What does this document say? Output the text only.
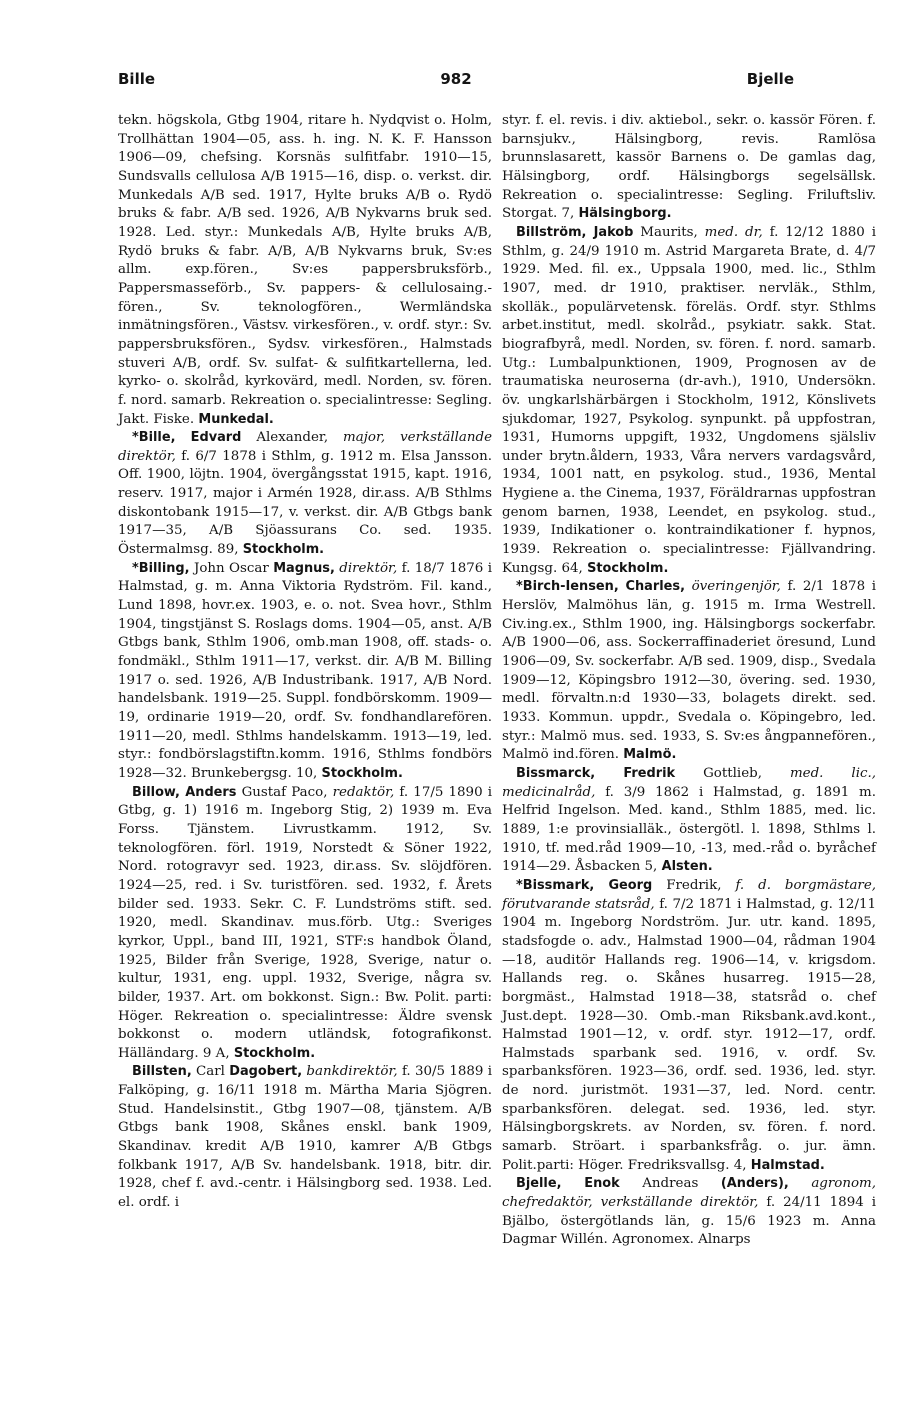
Bille	982	Bjelle

tekn. högskola, Gtbg 1904, ritare h. Nydqvist o. Holm, Trollhättan 1904—05, ass. h. ing. N. K. F. Hansson 1906—09, chefsing. Korsnäs sulfitfabr. 1910—15, Sundsvalls cellulosa A/B 1915—16, disp. o. verkst. dir. Munkedals A/B sed. 1917, Hylte bruks A/B o. Rydö bruks & fabr. A/B sed. 1926, A/B Nykvarns bruk sed. 1928. Led. styr.: Munkedals A/B, Hylte bruks A/B, Rydö bruks & fabr. A/B, A/B Nykvarns bruk, Sv:es allm. exp.fören., Sv:es pappersbruksförb., Pappersmasseförb., Sv. pappers- & cellulosaing.-fören., Sv. teknologfören., Wermländska inmätningsfören., Västsv. virkesfören., v. ordf. styr.: Sv. pappersbruksfören., Sydsv. virkesfören., Halmstads stuveri A/B, ordf. Sv. sulfat- & sulfitkartellerna, led. kyrko- o. skolråd, kyrkovärd, medl. Norden, sv. fören. f. nord. samarb. Rekreation o. specialintresse: Segling. Jakt. Fiske. Munkedal.

*Bille, Edvard Alexander, major, verkställande direktör, f. 6/7 1878 i Sthlm, g. 1912 m. Elsa Jansson. Off. 1900, löjtn. 1904, övergångsstat 1915, kapt. 1916, reserv. 1917, major i Armén 1928, dir.ass. A/B Sthlms diskontobank 1915—17, v. verkst. dir. A/B Gtbgs bank 1917—35, A/B Sjöassurans Co. sed. 1935. Östermalmsg. 89, Stockholm.

*Billing, John Oscar Magnus, direktör, f. 18/7 1876 i Halmstad, g. m. Anna Viktoria Rydström. Fil. kand., Lund 1898, hovr.ex. 1903, e. o. not. Svea hovr., Sthlm 1904, tingstjänst S. Roslags doms. 1904—05, anst. A/B Gtbgs bank, Sthlm 1906, omb.man 1908, off. stads- o. fondmäkl., Sthlm 1911—17, verkst. dir. A/B M. Billing 1917 o. sed. 1926, A/B Industribank. 1917, A/B Nord. handelsbank. 1919—25. Suppl. fondbörskomm. 1909—19, ordinarie 1919—20, ordf. Sv. fondhandlarefören. 1911—20, medl. Sthlms handelskamm. 1913—19, led. styr.: fondbörslagstiftn.komm. 1916, Sthlms fondbörs 1928—32. Brunkebergsg. 10, Stockholm.

Billow, Anders Gustaf Paco, redaktör, f. 17/5 1890 i Gtbg, g. 1) 1916 m. Ingeborg Stig, 2) 1939 m. Eva Forss. Tjänstem. Livrustkamm. 1912, Sv. teknologfören. förl. 1919, Norstedt & Söner 1922, Nord. rotogravyr sed. 1923, dir.ass. Sv. slöjdfören. 1924—25, red. i Sv. turistfören. sed. 1932, f. Årets bilder sed. 1933. Sekr. C. F. Lundströms stift. sed. 1920, medl. Skandinav. mus.förb. Utg.: Sveriges kyrkor, Uppl., band III, 1921, STF:s handbok Öland, 1925, Bilder från Sverige, 1928, Sverige, natur o. kultur, 1931, eng. uppl. 1932, Sverige, några sv. bilder, 1937. Art. om bokkonst. Sign.: Bw. Polit. parti: Höger. Rekreation o. specialintresse: Äldre svensk bokkonst o. modern utländsk, fotografikonst. Hälländarg. 9 A, Stockholm.

Billsten, Carl Dagobert, bankdirektör, f. 30/5 1889 i Falköping, g. 16/11 1918 m. Märtha Maria Sjögren. Stud. Handelsinstit., Gtbg 1907—08, tjänstem. A/B Gtbgs bank 1908, Skånes enskl. bank 1909, Skandinav. kredit A/B 1910, kamrer A/B Gtbgs folkbank 1917, A/B Sv. handelsbank. 1918, bitr. dir. 1928, chef f. avd.-centr. i Hälsingborg sed. 1938. Led. el. ordf. i

styr. f. el. revis. i div. aktiebol., sekr. o. kassör Fören. f. barnsjukv., Hälsingborg, revis. Ramlösa brunnslasarett, kassör Barnens o. De gamlas dag, Hälsingborg, ordf. Hälsingborgs segelsällsk. Rekreation o. specialintresse: Segling. Friluftsliv. Storgat. 7, Hälsingborg.

Billström, Jakob Maurits, med. dr, f. 12/12 1880 i Sthlm, g. 24/9 1910 m. Astrid Margareta Brate, d. 4/7 1929. Med. fil. ex., Uppsala 1900, med. lic., Sthlm 1907, med. dr 1910, praktiser. nervläk., Sthlm, skolläk., populärvetensk. föreläs. Ordf. styr. Sthlms arbet.institut, medl. skolråd., psykiatr. sakk. Stat. biografbyrå, medl. Norden, sv. fören. f. nord. samarb. Utg.: Lumbalpunktionen, 1909, Prognosen av de traumatiska neuroserna (dr-avh.), 1910, Undersökn. öv. ungkarlshärbärgen i Stockholm, 1912, Könslivets sjukdomar, 1927, Psykolog. synpunkt. på uppfostran, 1931, Humorns uppgift, 1932, Ungdomens själsliv under brytn.åldern, 1933, Våra nervers vardagsvård, 1934, 1001 natt, en psykolog. stud., 1936, Mental Hygiene a. the Cinema, 1937, Föräldrarnas uppfostran genom barnen, 1938, Leendet, en psykolog. stud., 1939, Indikationer o. kontraindikationer f. hypnos, 1939. Rekreation o. specialintresse: Fjällvandring. Kungsg. 64, Stockholm.

*Birch-Iensen, Charles, överingenjör, f. 2/1 1878 i Herslöv, Malmöhus län, g. 1915 m. Irma Westrell. Civ.ing.ex., Sthlm 1900, ing. Hälsingborgs sockerfabr. A/B 1900—06, ass. Sockerraffinaderiet öresund, Lund 1906—09, Sv. sockerfabr. A/B sed. 1909, disp., Svedala 1909—12, Köpingsbro 1912—30, övering. sed. 1930, medl. förvaltn.n:d 1930—33, bolagets direkt. sed. 1933. Kommun. uppdr., Svedala o. Köpingebro, led. styr.: Malmö mus. sed. 1933, S. Sv:es ångpannefören., Malmö ind.fören. Malmö.

Bissmarck, Fredrik Gottlieb, med. lic., medicinalråd, f. 3/9 1862 i Halmstad, g. 1891 m. Helfrid Ingelson. Med. kand., Sthlm 1885, med. lic. 1889, 1:e provinsialläk., östergötl. l. 1898, Sthlms l. 1910, tf. med.råd 1909—10, -13, med.-råd o. byråchef 1914—29. Åsbacken 5, Alsten.

*Bissmark, Georg Fredrik, f. d. borgmästare, förutvarande statsråd, f. 7/2 1871 i Halmstad, g. 12/11 1904 m. Ingeborg Nordström. Jur. utr. kand. 1895, stadsfogde o. adv., Halmstad 1900—04, rådman 1904—18, auditör Hallands reg. 1906—14, v. krigsdom. Hallands reg. o. Skånes husarreg. 1915—28, borgmäst., Halmstad 1918—38, statsråd o. chef Just.dept. 1928—30. Omb.-man Riksbank.avd.kont., Halmstad 1901—12, v. ordf. styr. 1912—17, ordf. Halmstads sparbank sed. 1916, v. ordf. Sv. sparbanksfören. 1923—36, ordf. sed. 1936, led. styr. de nord. juristmöt. 1931—37, led. Nord. centr. sparbanksfören. delegat. sed. 1936, led. styr. Hälsingborgskrets. av Norden, sv. fören. f. nord. samarb. Ströart. i sparbanksfråg. o. jur. ämn. Polit.parti: Höger. Fredriksvallsg. 4, Halmstad.

Bjelle, Enok Andreas (Anders), agronom, chefredaktör, verkställande direktör, f. 24/11 1894 i Bjälbo, östergötlands län, g. 15/6 1923 m. Anna Dagmar Willén. Agronomex. Alnarps
